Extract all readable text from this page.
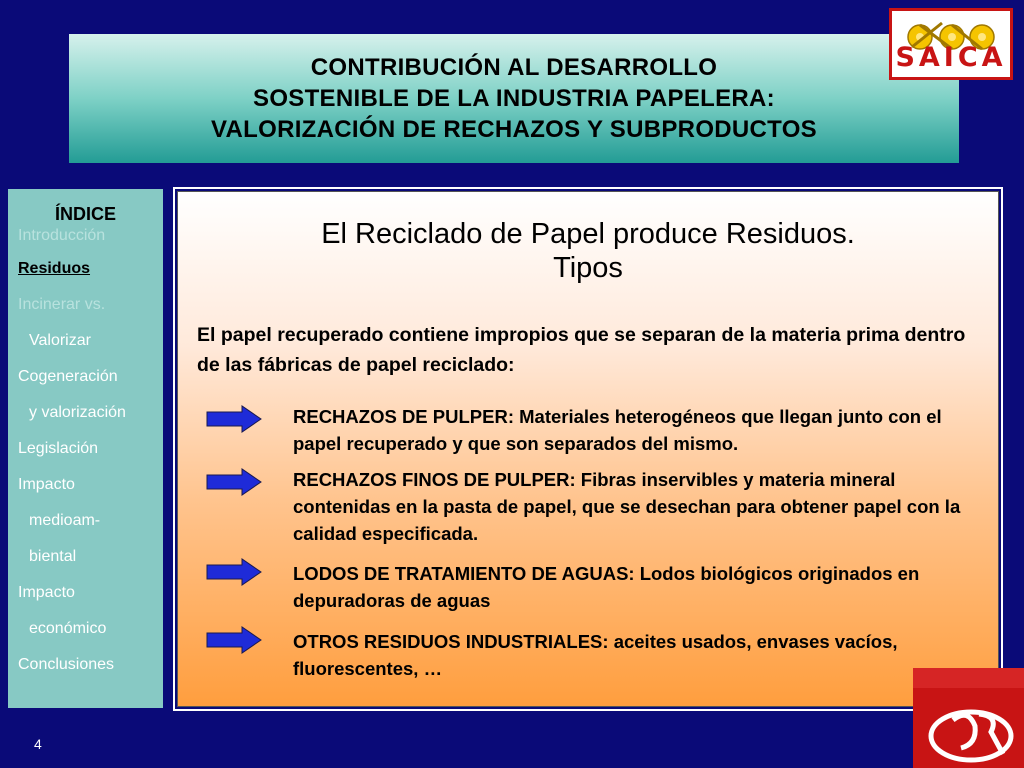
CONTRIBUCIÓN AL DESARROLLO
SOSTENIBLE DE LA INDUSTRIA PAPELERA:
VALORIZACIÓN DE RECHAZOS Y SUBPRODUCTOS
SAICA
ÍNDICE
Introducción
Residuos
Incinerar vs.
Valorizar
Cogeneración
y valorización
Legislación
Impacto
medioam-
biental
Impacto
económico
Conclusiones
El Reciclado de Papel produce Residuos.
Tipos
El papel recuperado contiene impropios que se separan de la materia prima dentro de las fábricas de papel reciclado:
RECHAZOS DE PULPER: Materiales heterogéneos que llegan junto con el papel recuperado y que son separados del mismo.
RECHAZOS FINOS DE PULPER: Fibras inservibles y materia mineral contenidas en la pasta de papel, que se desechan para obtener papel con la calidad especificada.
LODOS DE TRATAMIENTO DE AGUAS: Lodos biológicos originados en depuradoras de aguas
OTROS RESIDUOS INDUSTRIALES: aceites usados, envases vacíos, fluorescentes, …
4
